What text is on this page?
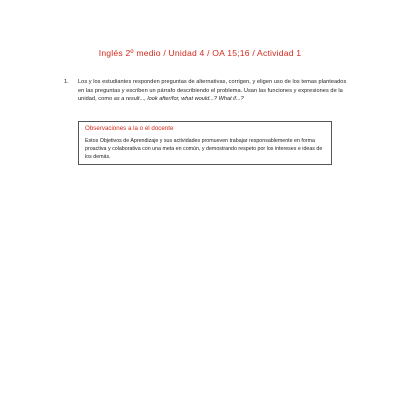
Inglés 2º medio / Unidad 4 / OA 15;16 / Actividad 1
1. Los y los estudiantes responden preguntas de alternativas, corrigen, y eligen uso de los temas planteados en las preguntas y escriben un párrafo describiendo el problema. Usan las funciones y expresiones de la unidad, como as a result..., look after/for, what would...? What if...?
Observaciones a la o el docente
Estos Objetivos de Aprendizaje y sus actividades promueven trabajar responsablemente en forma proactiva y colaborativa con una meta en común, y demostrando respeto por los intereses e ideas de los demás.
